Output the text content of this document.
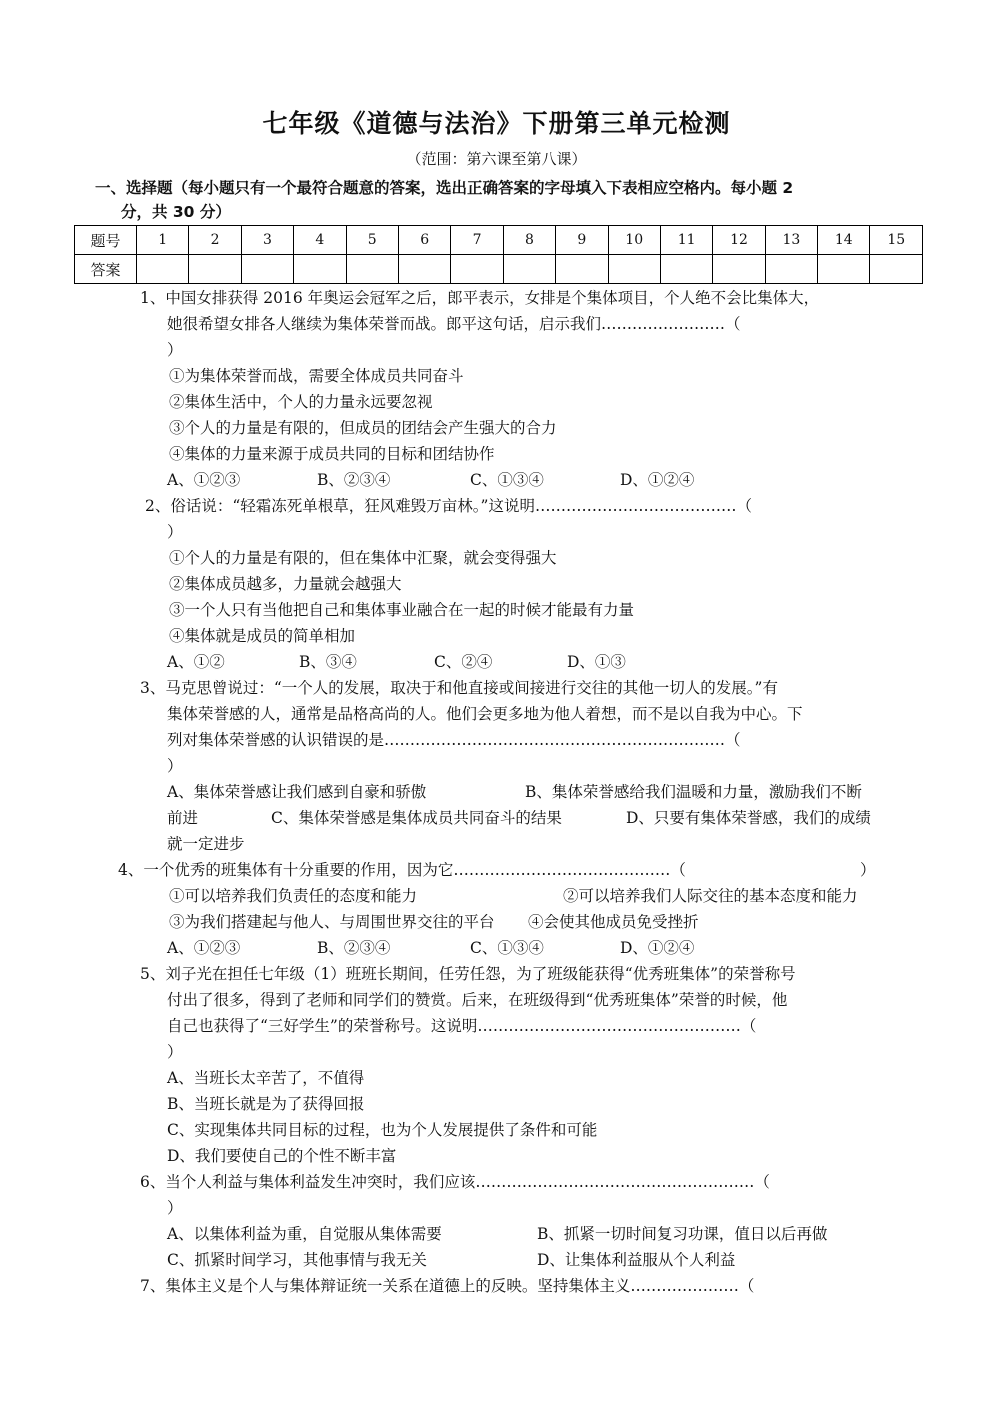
七年级《道德与法治》下册第三单元检测
（范围：第六课至第八课）
一、选择题（每小题只有一个最符合题意的答案，选出正确答案的字母填入下表相应空格内。每小题 2
分，共 30 分）
题号	1	2	3	4	5	6	7	8	9	10	11	12	13	14	15
答案															
1、中国女排获得 2016 年奥运会冠军之后，郎平表示，女排是个集体项目，个人绝不会比集体大，
她很希望女排各人继续为集体荣誉而战。郎平这句话，启示我们……………………（
）
①为集体荣誉而战，需要全体成员共同奋斗
②集体生活中，个人的力量永远要忽视
③个人的力量是有限的，但成员的团结会产生强大的合力
④集体的力量来源于成员共同的目标和团结协作
A、①②③	B、②③④	C、①③④	D、①②④
2、俗话说：“轻霜冻死单根草，狂风难毁万亩林。”这说明…………………………………（
）
①个人的力量是有限的，但在集体中汇聚，就会变得强大
②集体成员越多，力量就会越强大
③一个人只有当他把自己和集体事业融合在一起的时候才能最有力量
④集体就是成员的简单相加
A、①②	B、③④	C、②④	D、①③
3、马克思曾说过：“一个人的发展，取决于和他直接或间接进行交往的其他一切人的发展。”有
集体荣誉感的人，通常是品格高尚的人。他们会更多地为他人着想，而不是以自我为中心。下
列对集体荣誉感的认识错误的是…………………………………………………………（
）
A、集体荣誉感让我们感到自豪和骄傲	B、集体荣誉感给我们温暖和力量，激励我们不断
前进	C、集体荣誉感是集体成员共同奋斗的结果	D、只要有集体荣誉感，我们的成绩
就一定进步
4、一个优秀的班集体有十分重要的作用，因为它……………………………………（	）
①可以培养我们负责任的态度和能力	②可以培养我们人际交往的基本态度和能力
③为我们搭建起与他人、与周围世界交往的平台	④会使其他成员免受挫折
A、①②③	B、②③④	C、①③④	D、①②④
5、刘子光在担任七年级（1）班班长期间，任劳任怨，为了班级能获得“优秀班集体”的荣誉称号
付出了很多，得到了老师和同学们的赞赏。后来，在班级得到“优秀班集体”荣誉的时候，他
自己也获得了“三好学生”的荣誉称号。这说明……………………………………………（
）
A、当班长太辛苦了，不值得
B、当班长就是为了获得回报
C、实现集体共同目标的过程，也为个人发展提供了条件和可能
D、我们要使自己的个性不断丰富
6、当个人利益与集体利益发生冲突时，我们应该………………………………………………（
）
A、以集体利益为重，自觉服从集体需要	B、抓紧一切时间复习功课，值日以后再做
C、抓紧时间学习，其他事情与我无关	D、让集体利益服从个人利益
7、集体主义是个人与集体辩证统一关系在道德上的反映。坚持集体主义…………………（
